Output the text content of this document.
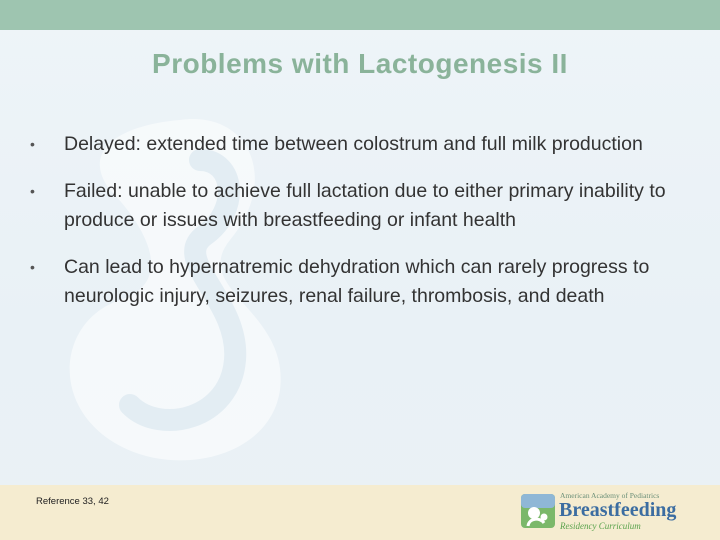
Problems with Lactogenesis II
•	Delayed: extended time between colostrum and full milk production
•	Failed: unable to achieve full lactation due to either primary inability to produce or issues with breastfeeding or infant health
•	Can lead to hypernatremic dehydration which can rarely progress to neurologic injury, seizures, renal failure, thrombosis, and death
Reference 33, 42
American Academy of Pediatrics
Breastfeeding
Residency Curriculum
